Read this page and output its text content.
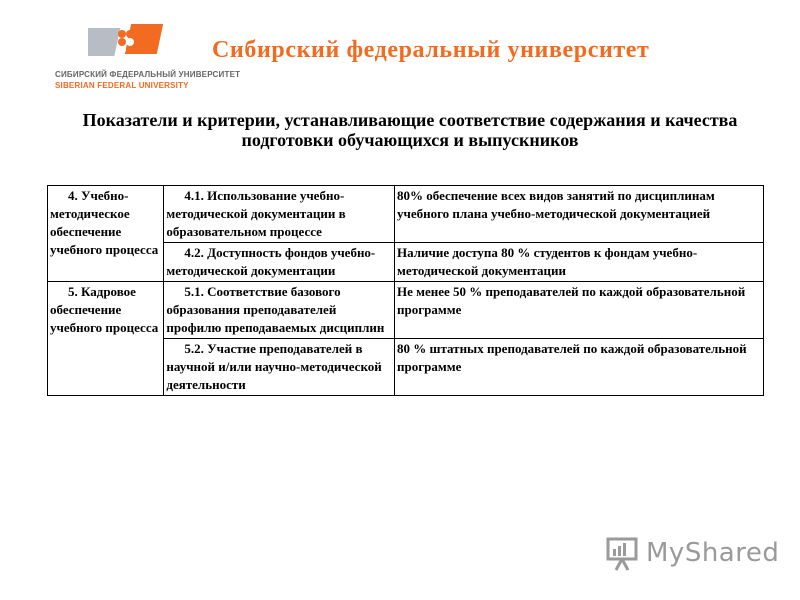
СИБИРСКИЙ ФЕДЕРАЛЬНЫЙ УНИВЕРСИТЕТ
SIBERIAN FEDERAL UNIVERSITY
Сибирский федеральный университет
Показатели и критерии, устанавливающие соответствие содержания и качества подготовки обучающихся и выпускников
4. Учебно-методическое обеспечение учебного процесса	4.1. Использование учебно-методической документации в образовательном процессе	80% обеспечение всех видов занятий по дисциплинам учебного плана учебно-методической документацией
	4.2. Доступность фондов учебно-методической документации	Наличие доступа 80 % студентов к фондам учебно-методической документации
5. Кадровое обеспечение учебного процесса	5.1. Соответствие базового образования преподавателей профилю преподаваемых дисциплин	Не менее 50 % преподавателей по каждой образовательной программе
	5.2. Участие преподавателей в научной и/или научно-методической деятельности	80 % штатных преподавателей по каждой образовательной программе
MyShared
